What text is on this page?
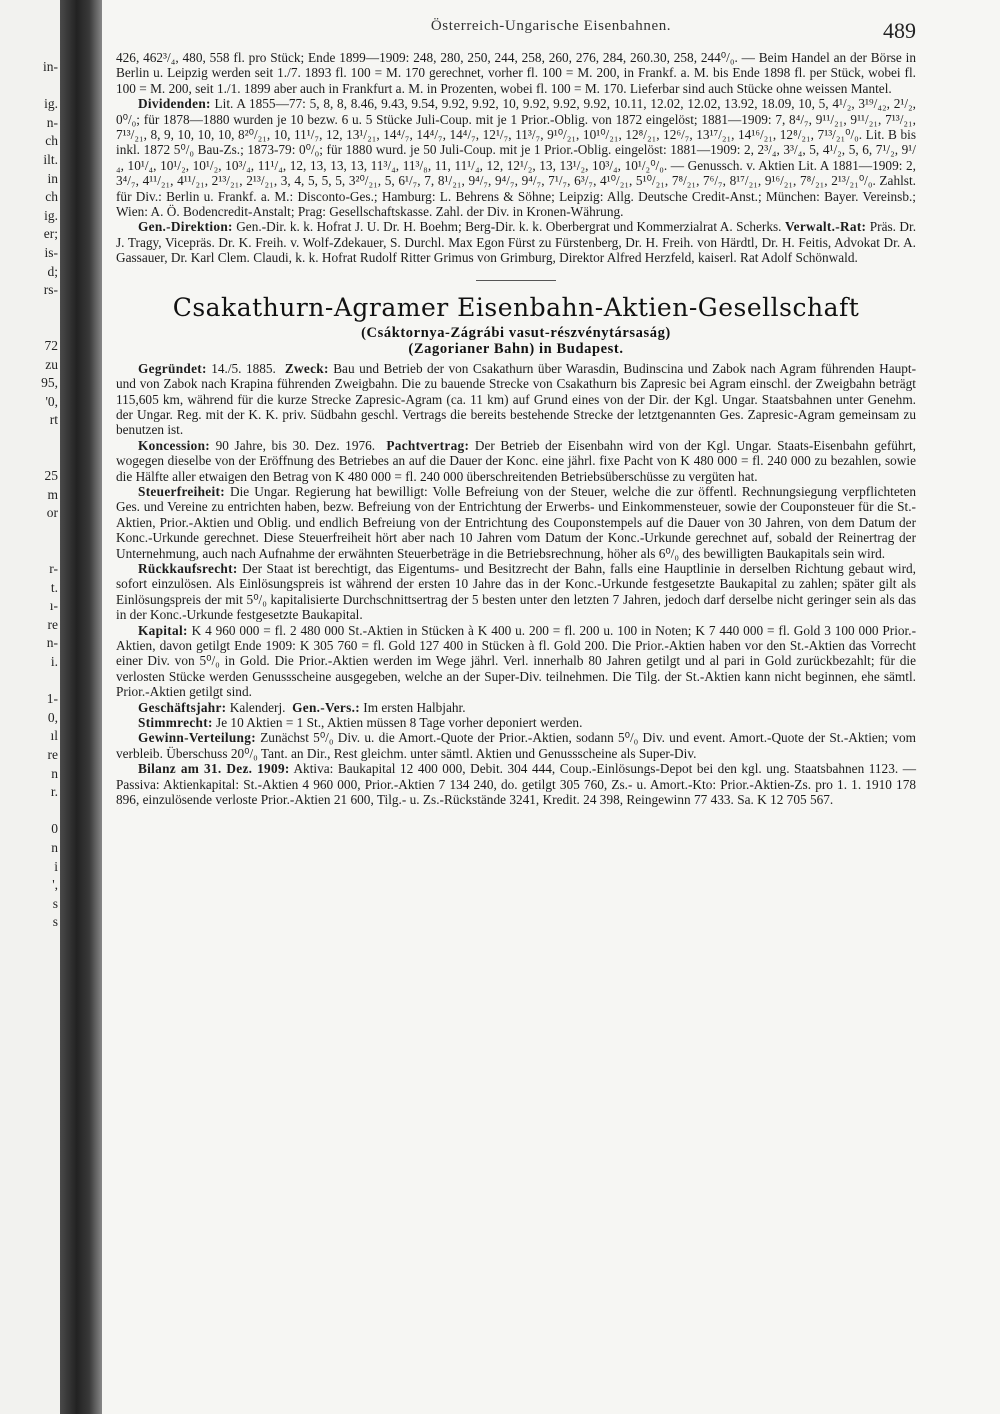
in-

ig.
n-
ch
ilt.
in
ch
ig.
er;
is-
d;
rs-

72
zu
95,
'0,
rt

25
m
or

r-
t.
ı-
re
n-
i.

1-
0,
ıl
re
n
r.

0
n
i
',
s
s
Österreich-Ungarische Eisenbahnen.	489

426, 462³/₄, 480, 558 fl. pro Stück; Ende 1899—1909: 248, 280, 250, 244, 258, 260, 276, 284, 260.30, 258, 244⁰/₀. — Beim Handel an der Börse in Berlin u. Leipzig werden seit 1./7. 1893 fl. 100 = M. 170 gerechnet, vorher fl. 100 = M. 200, in Frankf. a. M. bis Ende 1898 fl. per Stück, wobei fl. 100 = M. 200, seit 1./1. 1899 aber auch in Frankfurt a. M. in Prozenten, wobei fl. 100 = M. 170. Lieferbar sind auch Stücke ohne weissen Mantel.

Dividenden: Lit. A 1855—77: 5, 8, 8, 8.46, 9.43, 9.54, 9.92, 9.92, 10, 9.92, 9.92, 9.92, 10.11, 12.02, 12.02, 13.92, 18.09, 10, 5, 4¹/₂, 3¹⁹/₄₂, 2¹/₂, 0⁰/₀; für 1878—1880 wurden je 10 bezw. 6 u. 5 Stücke Juli-Coup. mit je 1 Prior.-Oblig. von 1872 eingelöst; 1881—1909: 7, 8⁴/₇, 9¹¹/₂₁, 9¹¹/₂₁, 7¹³/₂₁, 7¹³/₂₁, 8, 9, 10, 10, 10, 8²⁰/₂₁, 10, 11¹/₇, 12, 13¹/₂₁, 14⁴/₇, 14⁴/₇, 14⁴/₇, 12¹/₇, 11³/₇, 9¹⁰/₂₁, 10¹⁰/₂₁, 12⁸/₂₁, 12⁶/₇, 13¹⁷/₂₁, 14¹⁶/₂₁, 12⁸/₂₁, 7¹³/₂₁⁰/₀. Lit. B bis inkl. 1872 5⁰/₀ Bau-Zs.; 1873-79: 0⁰/₀; für 1880 wurd. je 50 Juli-Coup. mit je 1 Prior.-Oblig. eingelöst: 1881—1909: 2, 2³/₄, 3³/₄, 5, 4¹/₂, 5, 6, 7¹/₂, 9¹/₄, 10¹/₄, 10¹/₂, 10¹/₂, 10³/₄, 11¹/₄, 12, 13, 13, 13, 11³/₄, 11³/₈, 11, 11¹/₄, 12, 12¹/₂, 13, 13¹/₂, 10³/₄, 10¹/₂⁰/₀. — Genussch. v. Aktien Lit. A 1881—1909: 2, 3⁴/₇, 4¹¹/₂₁, 4¹¹/₂₁, 2¹³/₂₁, 2¹³/₂₁, 3, 4, 5, 5, 5, 3²⁰/₂₁, 5, 6¹/₇, 7, 8¹/₂₁, 9⁴/₇, 9⁴/₇, 9⁴/₇, 7¹/₇, 6³/₇, 4¹⁰/₂₁, 5¹⁰/₂₁, 7⁸/₂₁, 7⁶/₇, 8¹⁷/₂₁, 9¹⁶/₂₁, 7⁸/₂₁, 2¹³/₂₁⁰/₀. Zahlst. für Div.: Berlin u. Frankf. a. M.: Disconto-Ges.; Hamburg: L. Behrens & Söhne; Leipzig: Allg. Deutsche Credit-Anst.; München: Bayer. Vereinsb.; Wien: A. Ö. Bodencredit-Anstalt; Prag: Gesellschaftskasse. Zahl. der Div. in Kronen-Währung.

Gen.-Direktion: Gen.-Dir. k. k. Hofrat J. U. Dr. H. Boehm; Berg-Dir. k. k. Oberbergrat und Kommerzialrat A. Scherks. Verwalt.-Rat: Präs. Dr. J. Tragy, Vicepräs. Dr. K. Freih. v. Wolf-Zdekauer, S. Durchl. Max Egon Fürst zu Fürstenberg, Dr. H. Freih. von Härdtl, Dr. H. Feitis, Advokat Dr. A. Gassauer, Dr. Karl Clem. Claudi, k. k. Hofrat Rudolf Ritter Grimus von Grimburg, Direktor Alfred Herzfeld, kaiserl. Rat Adolf Schönwald.

Csakathurn-Agramer Eisenbahn-Aktien-Gesellschaft
(Csáktornya-Zágrábi vasut-részvénytársaság)
(Zagorianer Bahn) in Budapest.

Gegründet: 14./5. 1885. Zweck: Bau und Betrieb der von Csakathurn über Warasdin, Budinscina und Zabok nach Agram führenden Haupt- und von Zabok nach Krapina führenden Zweigbahn. Die zu bauende Strecke von Csakathurn bis Zapresic bei Agram einschl. der Zweigbahn beträgt 115,605 km, während für die kurze Strecke Zapresic-Agram (ca. 11 km) auf Grund eines von der Dir. der Kgl. Ungar. Staatsbahnen unter Genehm. der Ungar. Reg. mit der K. K. priv. Südbahn geschl. Vertrags die bereits bestehende Strecke der letztgenannten Ges. Zapresic-Agram gemeinsam zu benutzen ist.

Koncession: 90 Jahre, bis 30. Dez. 1976. Pachtvertrag: Der Betrieb der Eisenbahn wird von der Kgl. Ungar. Staats-Eisenbahn geführt, wogegen dieselbe von der Eröffnung des Betriebes an auf die Dauer der Konc. eine jährl. fixe Pacht von K 480 000 = fl. 240 000 zu bezahlen, sowie die Hälfte aller etwaigen den Betrag von K 480 000 = fl. 240 000 überschreitenden Betriebsüberschüsse zu vergüten hat.

Steuerfreiheit: Die Ungar. Regierung hat bewilligt: Volle Befreiung von der Steuer, welche die zur öffentl. Rechnungsiegung verpflichteten Ges. und Vereine zu entrichten haben, bezw. Befreiung von der Entrichtung der Erwerbs- und Einkommensteuer, sowie der Couponsteuer für die St.-Aktien, Prior.-Aktien und Oblig. und endlich Befreiung von der Entrichtung des Couponstempels auf die Dauer von 30 Jahren, von dem Datum der Konc.-Urkunde gerechnet. Diese Steuerfreiheit hört aber nach 10 Jahren vom Datum der Konc.-Urkunde gerechnet auf, sobald der Reinertrag der Unternehmung, auch nach Aufnahme der erwähnten Steuerbeträge in die Betriebsrechnung, höher als 6⁰/₀ des bewilligten Baukapitals sein wird.

Rückkaufsrecht: Der Staat ist berechtigt, das Eigentums- und Besitzrecht der Bahn, falls eine Hauptlinie in derselben Richtung gebaut wird, sofort einzulösen. Als Einlösungspreis ist während der ersten 10 Jahre das in der Konc.-Urkunde festgesetzte Baukapital zu zahlen; später gilt als Einlösungspreis der mit 5⁰/₀ kapitalisierte Durchschnittsertrag der 5 besten unter den letzten 7 Jahren, jedoch darf derselbe nicht geringer sein als das in der Konc.-Urkunde festgesetzte Baukapital.

Kapital: K 4 960 000 = fl. 2 480 000 St.-Aktien in Stücken à K 400 u. 200 = fl. 200 u. 100 in Noten; K 7 440 000 = fl. Gold 3 100 000 Prior.-Aktien, davon getilgt Ende 1909: K 305 760 = fl. Gold 127 400 in Stücken à fl. Gold 200. Die Prior.-Aktien haben vor den St.-Aktien das Vorrecht einer Div. von 5⁰/₀ in Gold. Die Prior.-Aktien werden im Wege jährl. Verl. innerhalb 80 Jahren getilgt und al pari in Gold zurückbezahlt; für die verlosten Stücke werden Genussscheine ausgegeben, welche an der Super-Div. teilnehmen. Die Tilg. der St.-Aktien kann nicht beginnen, ehe sämtl. Prior.-Aktien getilgt sind.

Geschäftsjahr: Kalenderj. Gen.-Vers.: Im ersten Halbjahr.

Stimmrecht: Je 10 Aktien = 1 St., Aktien müssen 8 Tage vorher deponiert werden.

Gewinn-Verteilung: Zunächst 5⁰/₀ Div. u. die Amort.-Quote der Prior.-Aktien, sodann 5⁰/₀ Div. und event. Amort.-Quote der St.-Aktien; vom verbleib. Überschuss 20⁰/₀ Tant. an Dir., Rest gleichm. unter sämtl. Aktien und Genussscheine als Super-Div.

Bilanz am 31. Dez. 1909: Aktiva: Baukapital 12 400 000, Debit. 304 444, Coup.-Einlösungs-Depot bei den kgl. ung. Staatsbahnen 1123. — Passiva: Aktienkapital: St.-Aktien 4 960 000, Prior.-Aktien 7 134 240, do. getilgt 305 760, Zs.- u. Amort.-Kto: Prior.-Aktien-Zs. pro 1. 1. 1910 178 896, einzulösende verloste Prior.-Aktien 21 600, Tilg.- u. Zs.-Rückstände 3241, Kredit. 24 398, Reingewinn 77 433. Sa. K 12 705 567.
